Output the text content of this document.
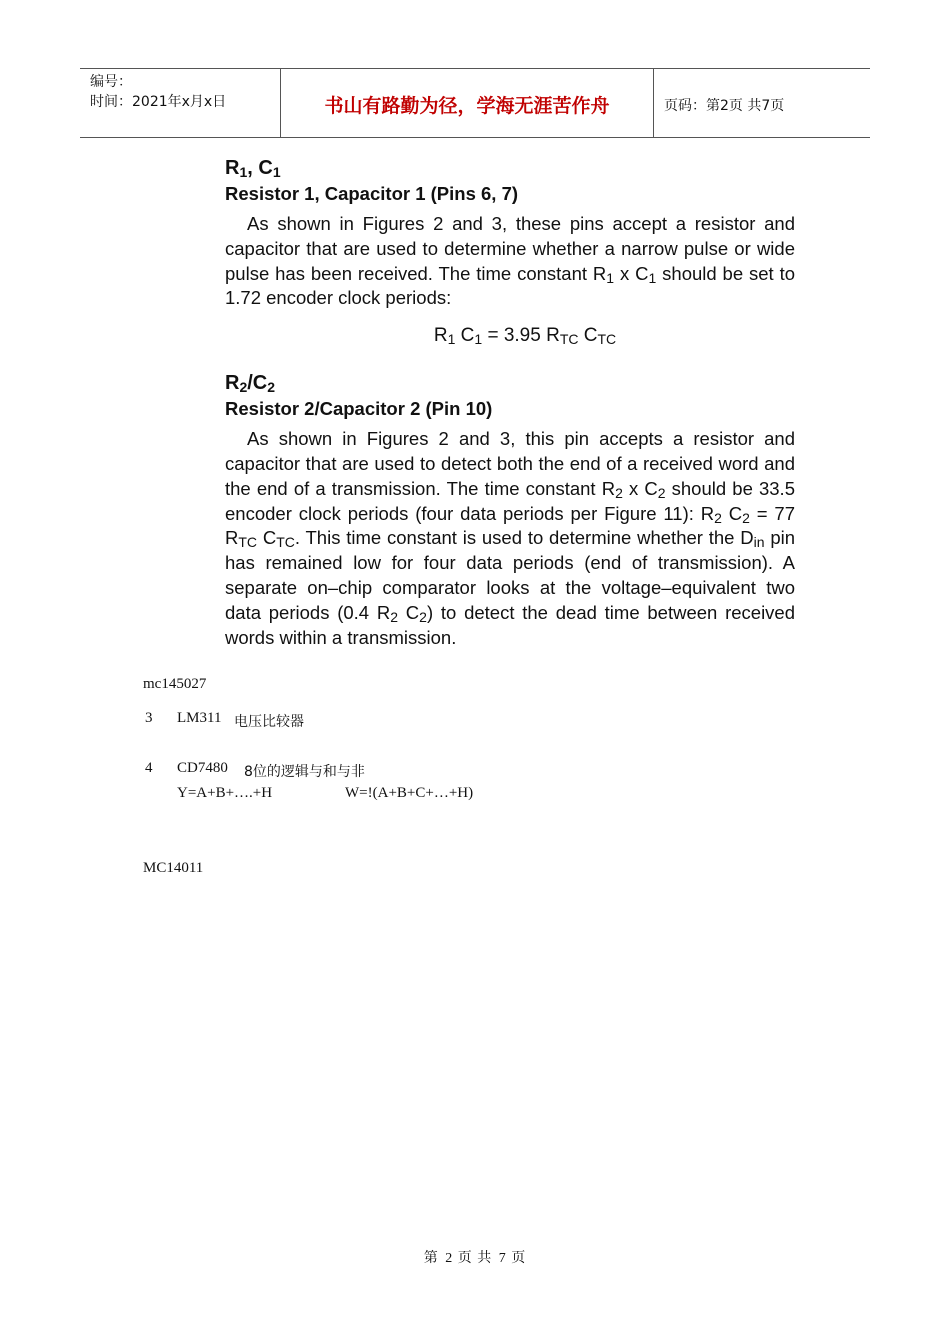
编号：
时间：2021年x月x日	书山有路勤为径，学海无涯苦作舟	页码：第2页 共7页
$R_1$, $C_1$
Resistor 1, Capacitor 1 (Pins 6, 7)

As shown in Figures 2 and 3, these pins accept a resistor and capacitor that are used to determine whether a narrow pulse or wide pulse has been received. The time constant $R_1$ x $C_1$ should be set to 1.72 encoder clock periods:

$R_1$ $C_1 = 3.95$ $R_{TC}$ $C_{TC}$
$R_2/C_2$
Resistor 2/Capacitor 2 (Pin 10)

As shown in Figures 2 and 3, this pin accepts a resistor and capacitor that are used to detect both the end of a received word and the end of a transmission. The time constant $R_2$ x $C_2$ should be 33.5 encoder clock periods (four data periods per Figure 11): $R_2$ $C_2 = 77$ $R_{TC}$ $C_{TC}$. This time constant is used to determine whether the $D_{in}$ pin has remained low for four data periods (end of transmission). A separate on–chip comparator looks at the voltage–equivalent two data periods (0.4 $R_2$ $C_2$) to detect the dead time between received words within a transmission.

mc145027
3 LM311 电压比较器
4 CD7480 8位的逻辑与和与非
Y=A+B+….+H	W=!(A+B+C+…+H)
MC14011
第 2 页 共 7 页
